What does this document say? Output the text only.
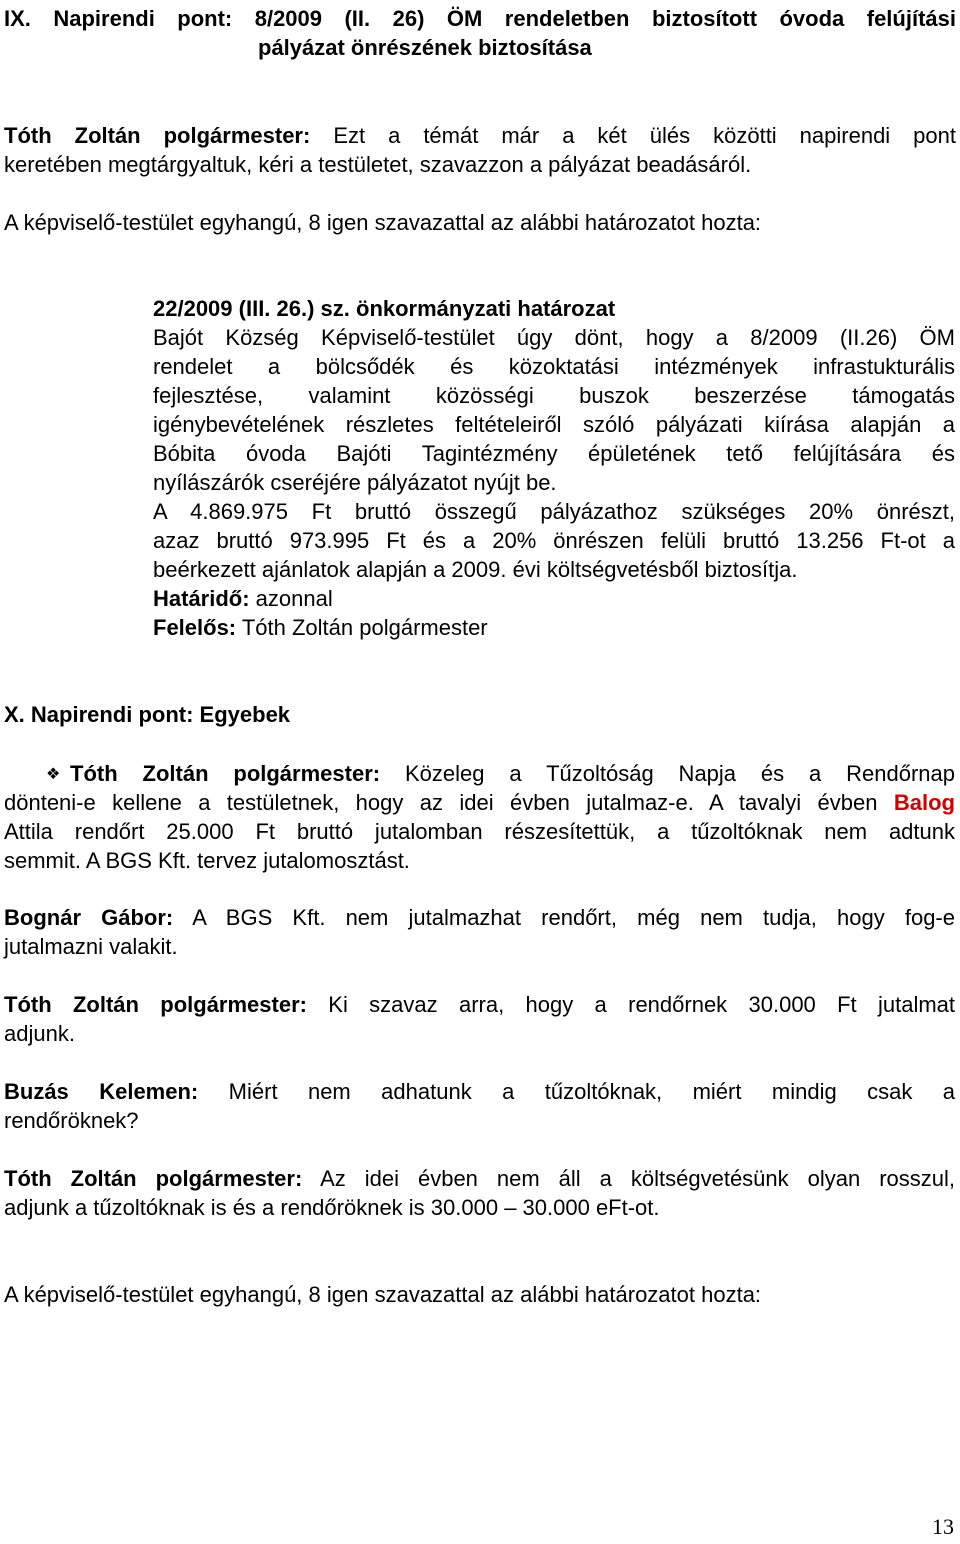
IX. Napirendi pont: 8/2009 (II. 26) ÖM rendeletben biztosított óvoda felújítási
pályázat önrészének biztosítása
Tóth Zoltán polgármester: Ezt a témát már a két ülés közötti napirendi pont
keretében megtárgyaltuk, kéri a testületet, szavazzon a pályázat beadásáról.
A képviselő-testület egyhangú, 8 igen szavazattal az alábbi határozatot hozta:
22/2009 (III. 26.) sz. önkormányzati határozat
Bajót Község Képviselő-testület úgy dönt, hogy a 8/2009 (II.26) ÖM
rendelet a bölcsődék és közoktatási intézmények infrastukturális
fejlesztése, valamint közösségi buszok beszerzése támogatás
igénybevételének részletes feltételeiről szóló pályázati kiírása alapján a
Bóbita óvoda Bajóti Tagintézmény épületének tető felújítására és
nyílászárók cseréjére pályázatot nyújt be.
A 4.869.975 Ft bruttó összegű pályázathoz szükséges 20% önrészt,
azaz bruttó 973.995 Ft és a 20% önrészen felüli bruttó 13.256 Ft-ot a
beérkezett ajánlatok alapján a 2009. évi költségvetésből biztosítja.
Határidő: azonnal
Felelős: Tóth Zoltán polgármester
X. Napirendi pont: Egyebek
❖ Tóth Zoltán polgármester: Közeleg a Tűzoltóság Napja és a Rendőrnap
dönteni-e kellene a testületnek, hogy az idei évben jutalmaz-e. A tavalyi évben Balog
Attila rendőrt 25.000 Ft bruttó jutalomban részesítettük, a tűzoltóknak nem adtunk
semmit. A BGS Kft. tervez jutalomosztást.
Bognár Gábor: A BGS Kft. nem jutalmazhat rendőrt, még nem tudja, hogy fog-e
jutalmazni valakit.
Tóth Zoltán polgármester: Ki szavaz arra, hogy a rendőrnek 30.000 Ft jutalmat
adjunk.
Buzás Kelemen: Miért nem adhatunk a tűzoltóknak, miért mindig csak a
rendőröknek?
Tóth Zoltán polgármester: Az idei évben nem áll a költségvetésünk olyan rosszul,
adjunk a tűzoltóknak is és a rendőröknek is 30.000 – 30.000 eFt-ot.
A képviselő-testület egyhangú, 8 igen szavazattal az alábbi határozatot hozta:
13
